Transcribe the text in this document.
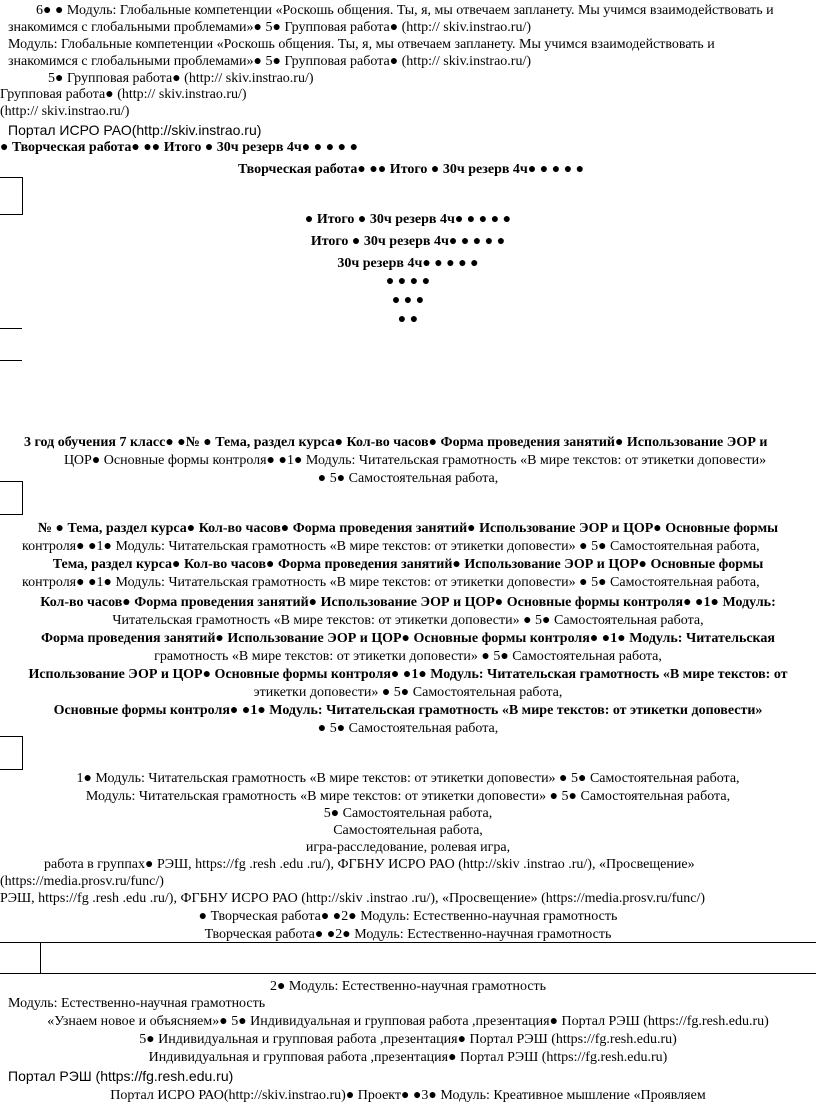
6● ● Модуль: Глобальные компетенции «Роскошь общения. Ты, я, мы отвечаем запланету. Мы учимся взаимодействовать и
знакомимся с глобальными проблемами»● 5● Групповая работа● (http:// skiv.instrao.ru/)
Модуль: Глобальные компетенции «Роскошь общения. Ты, я, мы отвечаем запланету. Мы учимся взаимодействовать и
знакомимся с глобальными проблемами»● 5● Групповая работа● (http:// skiv.instrao.ru/)
5● Групповая работа● (http:// skiv.instrao.ru/)
Групповая работа● (http:// skiv.instrao.ru/)
(http:// skiv.instrao.ru/)
Портал ИСРО РАО(http://skiv.instrao.ru)
● Творческая работа● ●● Итого ● 30ч резерв 4ч● ● ● ● ●
Творческая работа● ●● Итого ● 30ч резерв 4ч● ● ● ● ●
● Итого ● 30ч резерв 4ч● ● ● ● ●
Итого ● 30ч резерв 4ч● ● ● ● ●
30ч резерв 4ч● ● ● ● ●
● ● ● ●
● ● ●
● ●
3 год обучения 7 класс● ●№ ● Тема, раздел курса● Кол-во часов● Форма проведения занятий● Использование ЭОР и
ЦОР● Основные формы контроля● ●1● Модуль: Читательская грамотность «В мире текстов: от этикетки доповести»
● 5● Самостоятельная работа,
№ ● Тема, раздел курса● Кол-во часов● Форма проведения занятий● Использование ЭОР и ЦОР● Основные формы
контроля● ●1● Модуль: Читательская грамотность «В мире текстов: от этикетки доповести» ● 5● Самостоятельная работа,
Тема, раздел курса● Кол-во часов● Форма проведения занятий● Использование ЭОР и ЦОР● Основные формы
контроля● ●1● Модуль: Читательская грамотность «В мире текстов: от этикетки доповести» ● 5● Самостоятельная работа,
Кол-во часов● Форма проведения занятий● Использование ЭОР и ЦОР● Основные формы контроля● ●1● Модуль:
Читательская грамотность «В мире текстов: от этикетки доповести» ● 5● Самостоятельная работа,
Форма проведения занятий● Использование ЭОР и ЦОР● Основные формы контроля● ●1● Модуль: Читательская
грамотность «В мире текстов: от этикетки доповести» ● 5● Самостоятельная работа,
Использование ЭОР и ЦОР● Основные формы контроля● ●1● Модуль: Читательская грамотность «В мире текстов: от
этикетки доповести» ● 5● Самостоятельная работа,
Основные формы контроля● ●1● Модуль: Читательская грамотность «В мире текстов: от этикетки доповести»
● 5● Самостоятельная работа,
1● Модуль: Читательская грамотность «В мире текстов: от этикетки доповести» ● 5● Самостоятельная работа,
Модуль: Читательская грамотность «В мире текстов: от этикетки доповести» ● 5● Самостоятельная работа,
5● Самостоятельная работа,
Самостоятельная работа,
игра-расследование, ролевая игра,
работа в группах● РЭШ, https://fg .resh .edu .ru/), ФГБНУ ИСРО РАО (http://skiv .instrao .ru/), «Просвещение»
(https://media.prosv.ru/func/)
РЭШ, https://fg .resh .edu .ru/), ФГБНУ ИСРО РАО (http://skiv .instrao .ru/), «Просвещение» (https://media.prosv.ru/func/)
● Творческая работа● ●2● Модуль: Естественно-научная грамотность
Творческая работа● ●2● Модуль: Естественно-научная грамотность
2● Модуль: Естественно-научная грамотность
Модуль: Естественно-научная грамотность
«Узнаем новое и объясняем»● 5● Индивидуальная и групповая работа ,презентация● Портал РЭШ (https://fg.resh.edu.ru)
5● Индивидуальная и групповая работа ,презентация● Портал РЭШ (https://fg.resh.edu.ru)
Индивидуальная и групповая работа ,презентация● Портал РЭШ (https://fg.resh.edu.ru)
Портал РЭШ (https://fg.resh.edu.ru)
Портал ИСРО РАО(http://skiv.instrao.ru)● Проект● ●3● Модуль: Креативное мышление «Проявляем
